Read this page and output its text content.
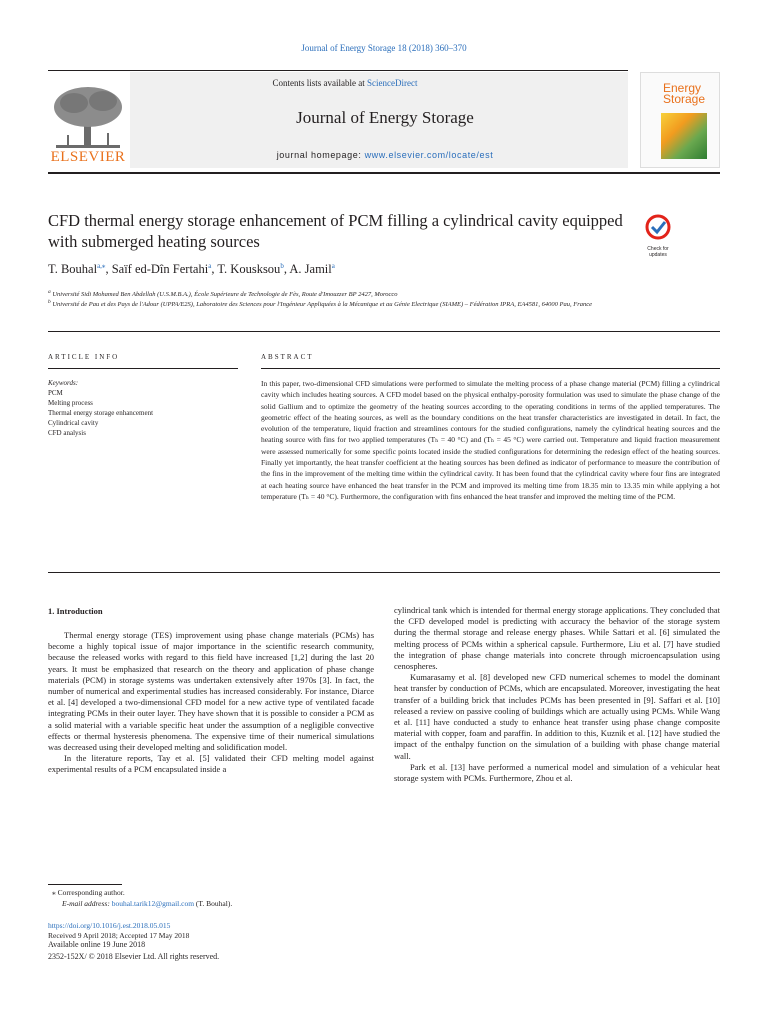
Journal of Energy Storage 18 (2018) 360–370
ELSEVIER
Contents lists available at ScienceDirect
Journal of Energy Storage
journal homepage: www.elsevier.com/locate/est
Energy
Storage
CFD thermal energy storage enhancement of PCM filling a cylindrical cavity equipped with submerged heating sources	Check for updates
T. Bouhal$^{a,⁎}$, Saïf ed-Dîn Fertahi$^a$, T. Kousksou$^b$, A. Jamil$^a$
$^a$ Université Sidi Mohamed Ben Abdellah (U.S.M.B.A.), École Supérieure de Technologie de Fès, Route d'Imouzzer BP 2427, Morocco
$^b$ Université de Pau et des Pays de l'Adour (UPPA/E2S), Laboratoire des Sciences pour l'Ingénieur Appliquées à la Mécanique et au Génie Electrique (SIAME) – Fédération IPRA, EA4581, 64000 Pau, France
ARTICLE INFO	ABSTRACT
Keywords:
PCM
Melting process
Thermal energy storage enhancement
Cylindrical cavity
CFD analysis
In this paper, two-dimensional CFD simulations were performed to simulate the melting process of a phase change material (PCM) filling a cylindrical cavity which includes heating sources. A CFD model based on the physical enthalpy-porosity formulation was used to simulate the phase change of the solid Gallium and to optimize the geometry of the heating sources according to the operating conditions in terms of the applied temperatures. The geometric effect of the heating sources, as well as the boundary conditions on the heat transfer characteristics are investigated in detail. In fact, the evolution of the temperature, liquid fraction and streamlines contours for the studied configurations, namely the cylindrical heating sources and the heating source with fins for two applied temperatures (Tₕ = 40 °C) and (Tₕ = 45 °C) were carried out. Temperature and liquid fraction measurement were assessed numerically for some specific points located inside the studied configurations for determining the redesign effect of the heating sources. Finally yet importantly, the heat transfer coefficient at the heating sources has been defined as indicator of performance to measure the contribution of the fins in the improvement of the melting time within the cylindrical cavity. It has been found that the cylindrical cavity where four fins are integrated at each heating source have enhanced the heat transfer in the PCM and improved its melting time from 18.35 min to 13.35 min while applying a hot temperature (Tₕ = 40 °C). Furthermore, the configuration with fins enhanced the heat transfer and improved the melting time of the PCM.
1. Introduction

Thermal energy storage (TES) improvement using phase change materials (PCMs) has become a highly topical issue of major importance in the scientific research community, because the released works with regard to this field have increased [1,2] during the last 20 years. It must be emphasized that research on the theory and application of phase change materials (PCM) in storage systems was undertaken extensively after 1970s [3]. In fact, the number of numerical and experimental studies has increased considerably. For instance, Diarce et al. [4] developed a two-dimensional CFD model for a new active type of ventilated facade integrating PCMs in their outer layer. They have shown that it is possible to consider a PCM as a solid material with a variable specific heat under the assumption of a negligible convective effects or thermal hysteresis phenomena. The expensive time of their numerical simulations was decreased using their developed melting and solidification model.

In the literature reports, Tay et al. [5] validated their CFD melting model against experimental results of a PCM encapsulated inside a

cylindrical tank which is intended for thermal energy storage applications. They concluded that the CFD developed model is predicting with accuracy the behavior of the storage system during the thermal storage and release energy phases. While Sattari et al. [6] simulated the melting process of PCMs within a spherical capsule. Furthermore, Liu et al. [7] have studied the integration of phase change materials into concrete through microencapsulation using cenospheres.

Kumarasamy et al. [8] developed new CFD numerical schemes to model the dominant heat transfer by conduction of PCMs, which are encapsulated. Moreover, investigating the heat transfer of a building brick that includes PCMs has been presented in [9]. Saffari et al. [10] released a review on passive cooling of buildings which are actually using PCMs. While Wang et al. [11] have conducted a study to enhance heat transfer using phase change composite material with copper, foam and paraffin. In addition to this, Kuznik et al. [12] have studied the impact of the enthalpy function on the simulation of a building with phase change material wall.

Park et al. [13] have performed a numerical model and simulation of a vehicular heat storage system with PCMs. Furthermore, Zhou et al.

⁎ Corresponding author.
E-mail address: bouhal.tarik12@gmail.com (T. Bouhal).
https://doi.org/10.1016/j.est.2018.05.015
Received 9 April 2018; Accepted 17 May 2018
Available online 19 June 2018
2352-152X/ © 2018 Elsevier Ltd. All rights reserved.
